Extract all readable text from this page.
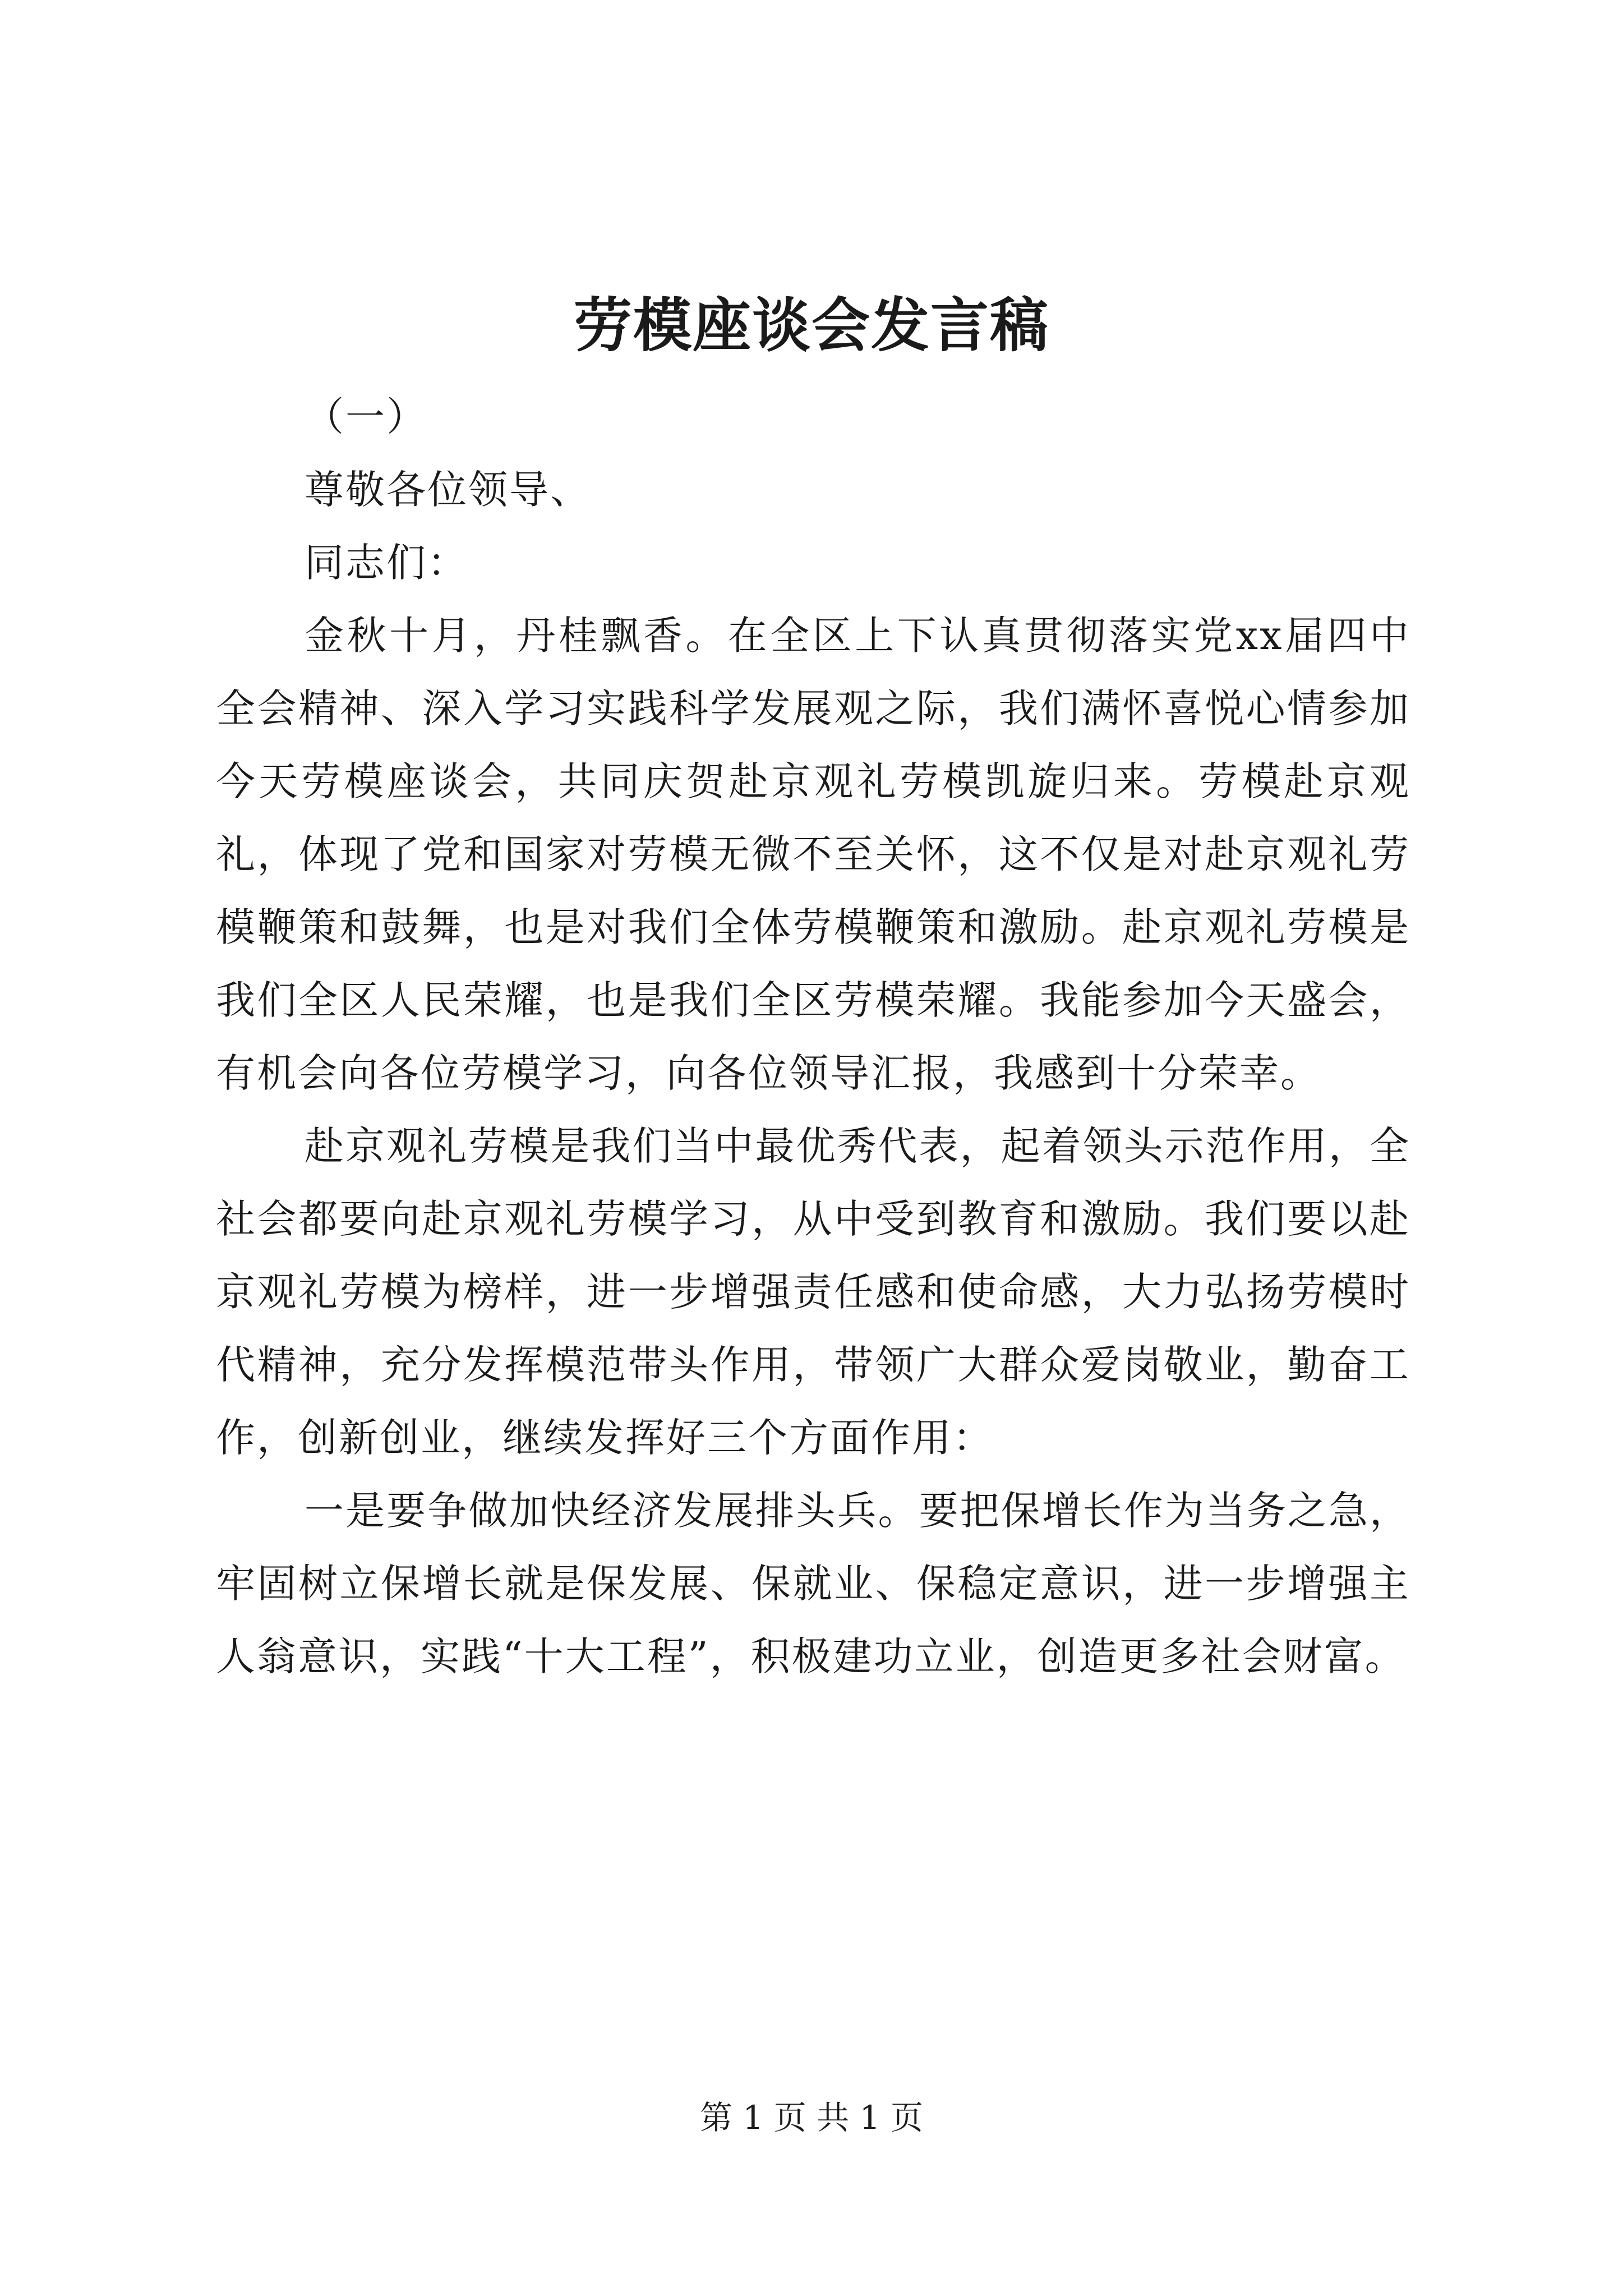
劳模座谈会发言稿

（一）

尊敬各位领导、

同志们：

金秋十月，丹桂飘香。在全区上下认真贯彻落实党xx届四中全会精神、深入学习实践科学发展观之际，我们满怀喜悦心情参加今天劳模座谈会，共同庆贺赴京观礼劳模凯旋归来。劳模赴京观礼，体现了党和国家对劳模无微不至关怀，这不仅是对赴京观礼劳模鞭策和鼓舞，也是对我们全体劳模鞭策和激励。赴京观礼劳模是我们全区人民荣耀，也是我们全区劳模荣耀。我能参加今天盛会，有机会向各位劳模学习，向各位领导汇报，我感到十分荣幸。

赴京观礼劳模是我们当中最优秀代表，起着领头示范作用，全社会都要向赴京观礼劳模学习，从中受到教育和激励。我们要以赴京观礼劳模为榜样，进一步增强责任感和使命感，大力弘扬劳模时代精神，充分发挥模范带头作用，带领广大群众爱岗敬业，勤奋工作，创新创业，继续发挥好三个方面作用：

一是要争做加快经济发展排头兵。要把保增长作为当务之急，牢固树立保增长就是保发展、保就业、保稳定意识，进一步增强主人翁意识，实践“十大工程”，积极建功立业，创造更多社会财富。

第 1 页 共 1 页
